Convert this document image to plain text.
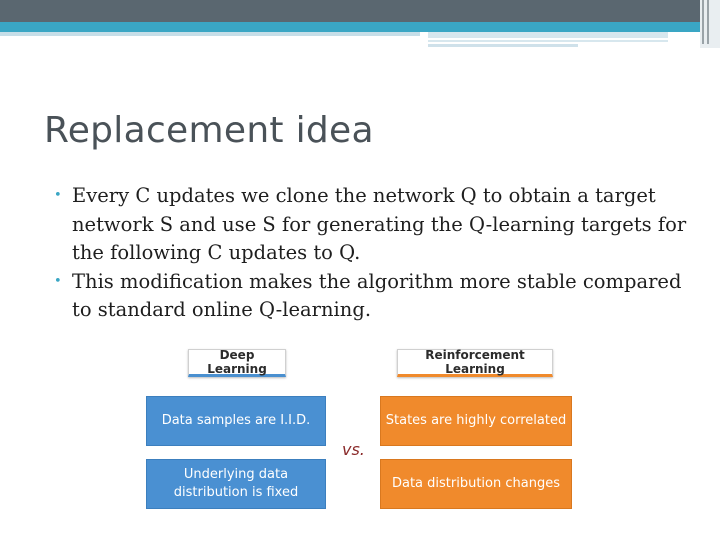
Replacement idea
• Every C updates we clone the network Q to obtain a target network S and use S for generating the Q-learning targets for the following C updates to Q.
• This modification makes the algorithm more stable compared to standard online Q-learning.
Deep Learning
Reinforcement Learning
Data samples are I.I.D.
Underlying data distribution is fixed
States are highly correlated
Data distribution changes
vs.
